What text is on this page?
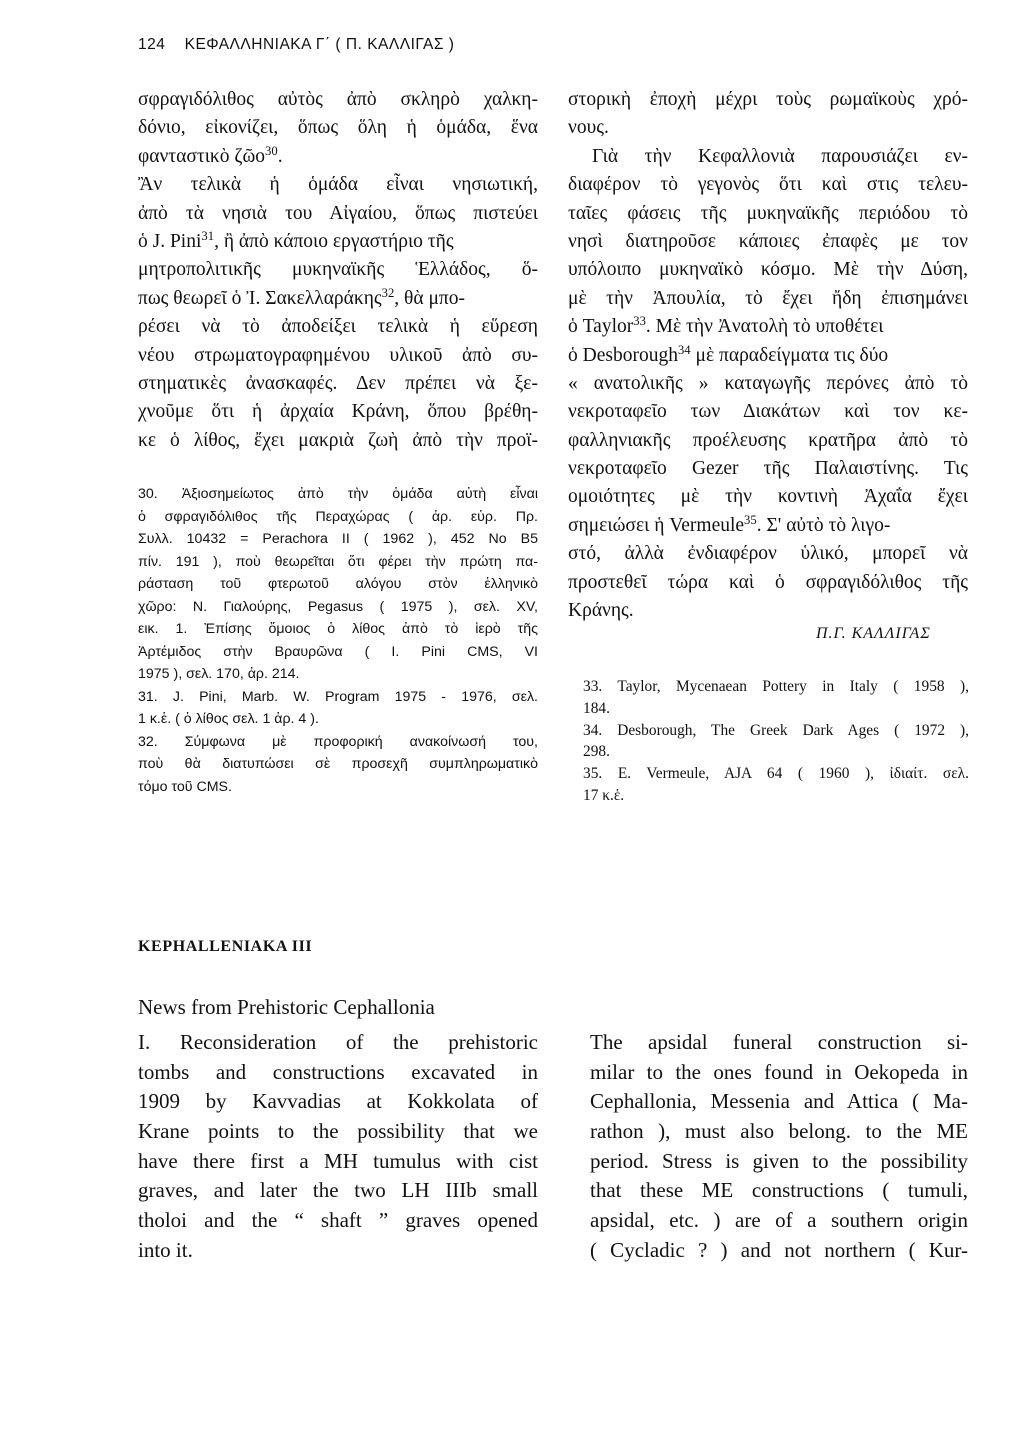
124 ΚΕΦΑΛΛΗΝΙΑΚΑ Γ΄ ( Π. ΚΑΛΛΙΓΑΣ )
σφραγιδόλιθος αὐτὸς ἀπὸ σκληρὸ χαλκη-
δόνιο, εἰκονίζει, ὅπως ὅλη ἡ ὁμάδα, ἕνα
φανταστικὸ ζῶο$^{30}$.
Ἂν τελικὰ ἡ ὁμάδα εἶναι νησιωτική,
ἀπὸ τὰ νησιὰ του Αἰγαίου, ὅπως πιστεύει
ὁ J. Pini$^{31}$, ἢ ἀπὸ κάποιο εργαστήριο τῆς
μητροπολιτικῆς μυκηναϊκῆς Ἑλλάδος, ὅ-
πως θεωρεῖ ὁ Ἰ. Σακελλαράκης$^{32}$, θὰ μπο-
ρέσει νὰ τὸ ἀποδείξει τελικὰ ἡ εὕρεση
νέου στρωματογραφημένου υλικοῦ ἀπὸ συ-
στηματικὲς ἀνασκαφές. Δεν πρέπει νὰ ξε-
χνοῦμε ὅτι ἡ ἀρχαία Κράνη, ὅπου βρέθη-
κε ὁ λίθος, ἔχει μακριὰ ζωὴ ἀπὸ τὴν προϊ-
30. Ἀξιοσημείωτος ἀπὸ τὴν ὁμάδα αὐτὴ εἶναι
ὁ σφραγιδόλιθος τῆς Περαχώρας ( ἀρ. εὑρ. Πρ.
Συλλ. 10432 = Perachora II ( 1962 ), 452 No B5
πίν. 191 ), ποὺ θεωρεῖται ὅτι φέρει τὴν πρώτη πα-
ράσταση τοῦ φτερωτοῦ αλόγου στὸν ἑλληνικὸ
χῶρο: Ν. Γιαλούρης, Pegasus ( 1975 ), σελ. XV,
εικ. 1. Ἐπίσης ὅμοιος ὁ λίθος ἀπὸ τὸ ἱερὸ τῆς
Ἀρτέμιδος στὴν Βραυρῶνα ( I. Pini CMS, VI
1975 ), σελ. 170, ἀρ. 214.
31. J. Pini, Marb. W. Program 1975 - 1976, σελ.
1 κ.ἑ. ( ὁ λίθος σελ. 1 ἀρ. 4 ).
32. Σύμφωνα μὲ προφορική ανακοίνωσή του,
ποὺ θὰ διατυπώσει σὲ προσεχῆ συμπληρωματικὸ
τόμο τοῦ CMS.
στορικὴ ἐποχὴ μέχρι τοὺς ρωμαϊκοὺς χρό-
νους.
Γιὰ τὴν Κεφαλλονιὰ παρουσιάζει εν-
διαφέρον τὸ γεγονὸς ὅτι καὶ στις τελευ-
ταῖες φάσεις τῆς μυκηναϊκῆς περιόδου τὸ
νησὶ διατηροῦσε κάποιες ἐπαφὲς με τον
υπόλοιπο μυκηναϊκὸ κόσμο. Μὲ τὴν Δύση,
μὲ τὴν Ἀπουλία, τὸ ἔχει ἤδη ἐπισημάνει
ὁ Taylor$^{33}$. Μὲ τὴν Ἀνατολὴ τὸ υποθέτει
ὁ Desborough$^{34}$ μὲ παραδείγματα τις δύο
« ανατολικῆς » καταγωγῆς περόνες ἀπὸ τὸ
νεκροταφεῖο των Διακάτων καὶ τον κε-
φαλληνιακῆς προέλευσης κρατῆρα ἀπὸ τὸ
νεκροταφεῖο Gezer τῆς Παλαιστίνης. Τις
ομοιότητες μὲ τὴν κοντινὴ Ἀχαΐα ἔχει
σημειώσει ἡ Vermeule$^{35}$. Σ' αὐτὸ τὸ λιγο-
στό, ἀλλὰ ἐνδιαφέρον ὑλικό, μπορεῖ νὰ
προστεθεῖ τώρα καὶ ὁ σφραγιδόλιθος τῆς
Κράνης.
Π.Γ. ΚΑΛΛΙΓΑΣ
33. Taylor, Mycenaean Pottery in Italy ( 1958 ),
184.
34. Desborough, The Greek Dark Ages ( 1972 ),
298.
35. E. Vermeule, AJA 64 ( 1960 ), ἰδιαίτ. σελ.
17 κ.ἑ.
KEPHALLENIAKA III
News from Prehistoric Cephallonia
I. Reconsideration of the prehistoric
tombs and constructions excavated in
1909 by Kavvadias at Kokkolata of
Krane points to the possibility that we
have there first a MH tumulus with cist
graves, and later the two LH IIIb small
tholoi and the “ shaft ” graves opened
into it.
The apsidal funeral construction si-
milar to the ones found in Oekopeda in
Cephallonia, Messenia and Attica ( Ma-
rathon ), must also belong. to the ME
period. Stress is given to the possibility
that these ME constructions ( tumuli,
apsidal, etc. ) are of a southern origin
( Cycladic ? ) and not northern ( Kur-
